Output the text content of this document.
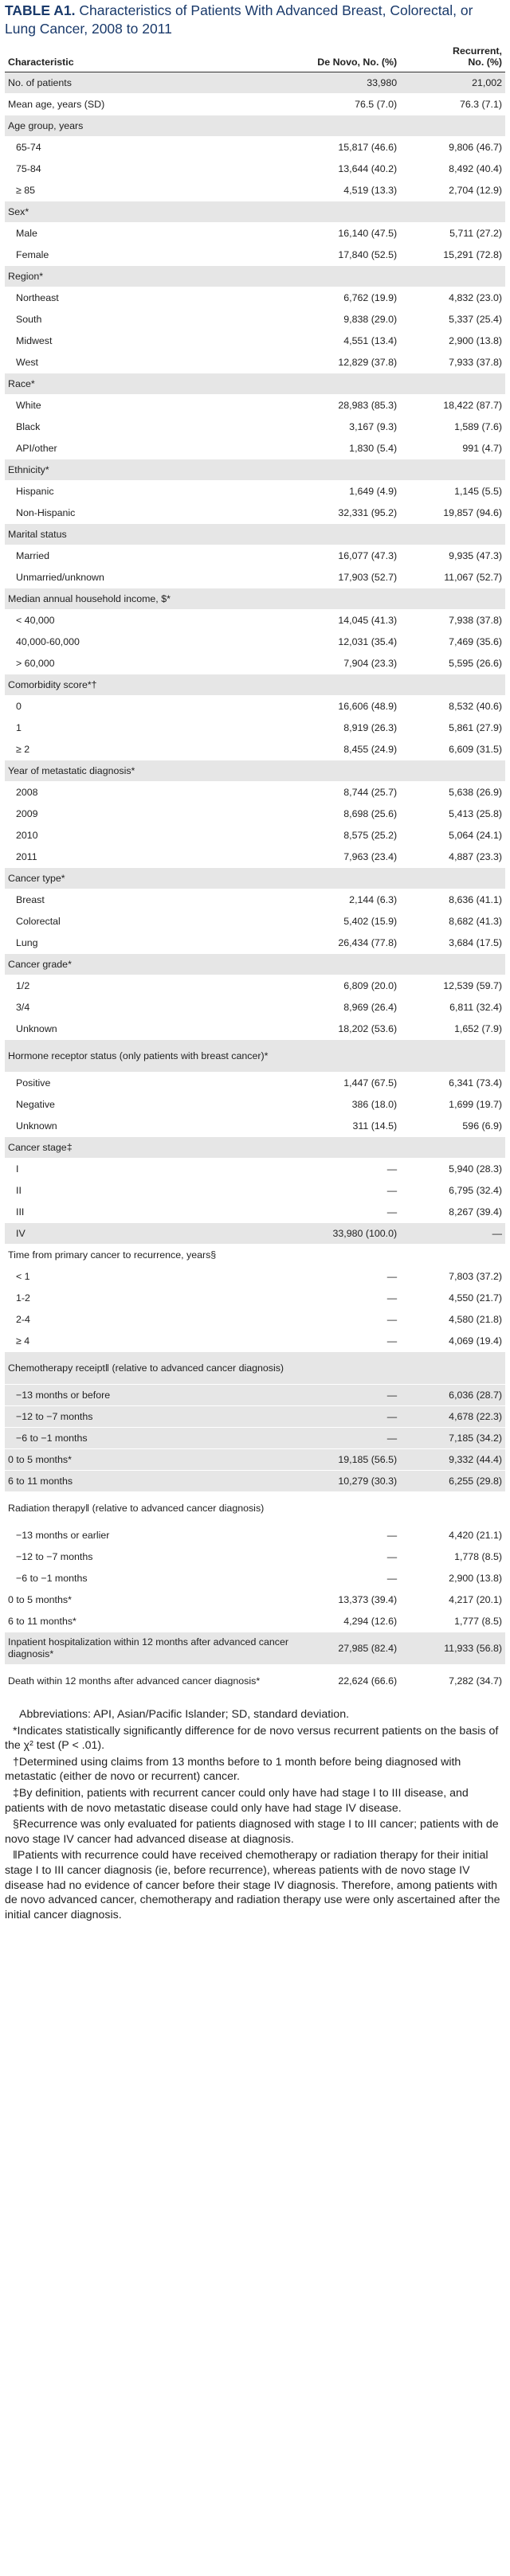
TABLE A1. Characteristics of Patients With Advanced Breast, Colorectal, or Lung Cancer, 2008 to 2011
Characteristic	De Novo, No. (%)	Recurrent,
No. (%)
No. of patients	33,980	21,002
Mean age, years (SD)	76.5 (7.0)	76.3 (7.1)
Age group, years		
65-74	15,817 (46.6)	9,806 (46.7)
75-84	13,644 (40.2)	8,492 (40.4)
≥ 85	4,519 (13.3)	2,704 (12.9)
Sex*		
Male	16,140 (47.5)	5,711 (27.2)
Female	17,840 (52.5)	15,291 (72.8)
Region*		
Northeast	6,762 (19.9)	4,832 (23.0)
South	9,838 (29.0)	5,337 (25.4)
Midwest	4,551 (13.4)	2,900 (13.8)
West	12,829 (37.8)	7,933 (37.8)
Race*		
White	28,983 (85.3)	18,422 (87.7)
Black	3,167 (9.3)	1,589 (7.6)
API/other	1,830 (5.4)	991 (4.7)
Ethnicity*		
Hispanic	1,649 (4.9)	1,145 (5.5)
Non-Hispanic	32,331 (95.2)	19,857 (94.6)
Marital status		
Married	16,077 (47.3)	9,935 (47.3)
Unmarried/unknown	17,903 (52.7)	11,067 (52.7)
Median annual household income, $*		
< 40,000	14,045 (41.3)	7,938 (37.8)
40,000-60,000	12,031 (35.4)	7,469 (35.6)
> 60,000	7,904 (23.3)	5,595 (26.6)
Comorbidity score*†		
0	16,606 (48.9)	8,532 (40.6)
1	8,919 (26.3)	5,861 (27.9)
≥ 2	8,455 (24.9)	6,609 (31.5)
Year of metastatic diagnosis*		
2008	8,744 (25.7)	5,638 (26.9)
2009	8,698 (25.6)	5,413 (25.8)
2010	8,575 (25.2)	5,064 (24.1)
2011	7,963 (23.4)	4,887 (23.3)
Cancer type*		
Breast	2,144 (6.3)	8,636 (41.1)
Colorectal	5,402 (15.9)	8,682 (41.3)
Lung	26,434 (77.8)	3,684 (17.5)
Cancer grade*		
1/2	6,809 (20.0)	12,539 (59.7)
3/4	8,969 (26.4)	6,811 (32.4)
Unknown	18,202 (53.6)	1,652 (7.9)
Hormone receptor status (only patients with breast cancer)*		
Positive	1,447 (67.5)	6,341 (73.4)
Negative	386 (18.0)	1,699 (19.7)
Unknown	311 (14.5)	596 (6.9)
Cancer stage‡		
I	—	5,940 (28.3)
II	—	6,795 (32.4)
III	—	8,267 (39.4)
IV	33,980 (100.0)	—
Time from primary cancer to recurrence, years§		
< 1	—	7,803 (37.2)
1-2	—	4,550 (21.7)
2-4	—	4,580 (21.8)
≥ 4	—	4,069 (19.4)
Chemotherapy receipt‖ (relative to advanced cancer diagnosis)		
−13 months or before	—	6,036 (28.7)
−12 to −7 months	—	4,678 (22.3)
−6 to −1 months	—	7,185 (34.2)
0 to 5 months*	19,185 (56.5)	9,332 (44.4)
6 to 11 months	10,279 (30.3)	6,255 (29.8)
Radiation therapy‖ (relative to advanced cancer diagnosis)		
−13 months or earlier	—	4,420 (21.1)
−12 to −7 months	—	1,778 (8.5)
−6 to −1 months	—	2,900 (13.8)
0 to 5 months*	13,373 (39.4)	4,217 (20.1)
6 to 11 months*	4,294 (12.6)	1,777 (8.5)
Inpatient hospitalization within 12 months after advanced cancer diagnosis*	27,985 (82.4)	11,933 (56.8)
Death within 12 months after advanced cancer diagnosis*	22,624 (66.6)	7,282 (34.7)

Abbreviations: API, Asian/Pacific Islander; SD, standard deviation.

*Indicates statistically significantly difference for de novo versus recurrent patients on the basis of the χ² test (P < .01).

†Determined using claims from 13 months before to 1 month before being diagnosed with metastatic (either de novo or recurrent) cancer.

‡By definition, patients with recurrent cancer could only have had stage I to III disease, and patients with de novo metastatic disease could only have had stage IV disease.

§Recurrence was only evaluated for patients diagnosed with stage I to III cancer; patients with de novo stage IV cancer had advanced disease at diagnosis.

‖Patients with recurrence could have received chemotherapy or radiation therapy for their initial stage I to III cancer diagnosis (ie, before recurrence), whereas patients with de novo stage IV disease had no evidence of cancer before their stage IV diagnosis. Therefore, among patients with de novo advanced cancer, chemotherapy and radiation therapy use were only ascertained after the initial cancer diagnosis.
